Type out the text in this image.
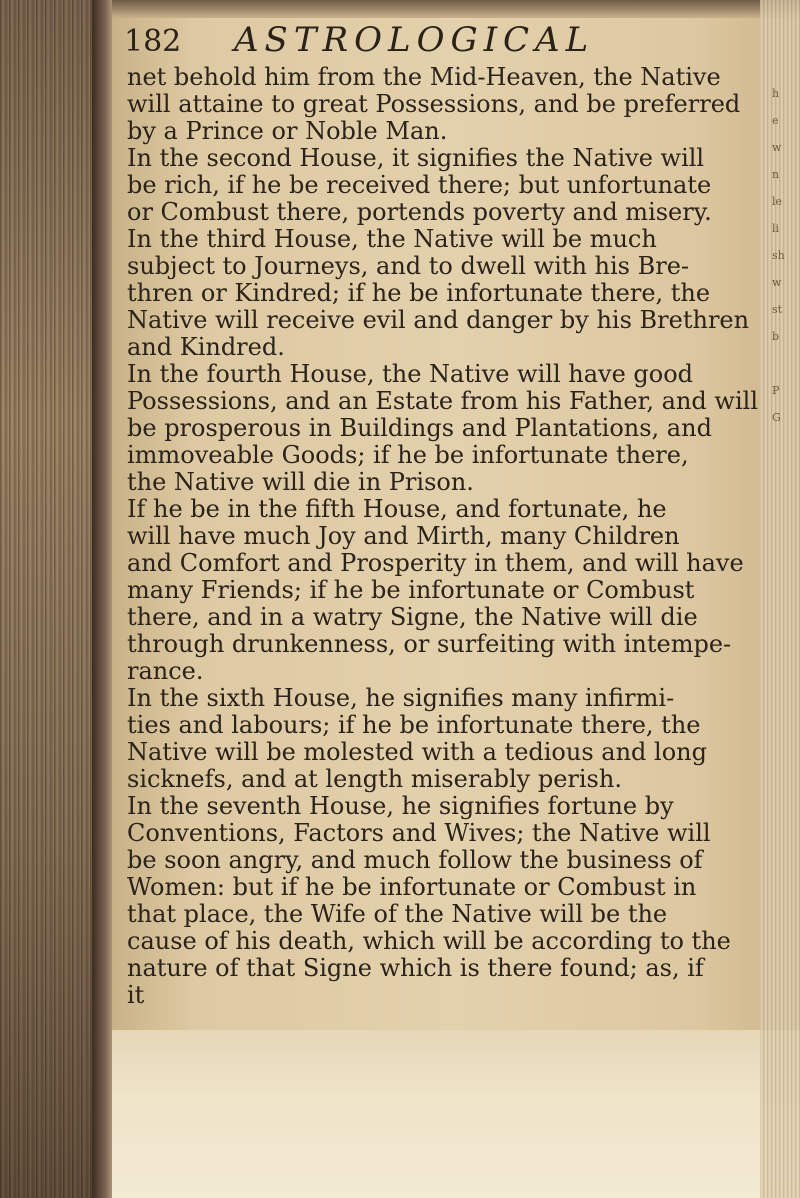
182	ASTROLOGICAL
net behold him from the Mid-Heaven, the Native
will attaine to great Possessions, and be preferred
by a Prince or Noble Man.
In the second House, it signifies the Native will
be rich, if he be received there; but unfortunate
or Combust there, portends poverty and misery.
In the third House, the Native will be much
subject to Journeys, and to dwell with his Bre-
thren or Kindred; if he be infortunate there, the
Native will receive evil and danger by his Brethren
and Kindred.
In the fourth House, the Native will have good
Possessions, and an Estate from his Father, and will
be prosperous in Buildings and Plantations, and
immoveable Goods; if he be infortunate there,
the Native will die in Prison.
If he be in the fifth House, and fortunate, he
will have much Joy and Mirth, many Children
and Comfort and Prosperity in them, and will have
many Friends; if he be infortunate or Combust
there, and in a watry Signe, the Native will die
through drunkenness, or surfeiting with intempe-
rance.
In the sixth House, he signifies many infirmi-
ties and labours; if he be infortunate there, the
Native will be molested with a tedious and long
sicknefs, and at length miserably perish.
In the seventh House, he signifies fortune by
Conventions, Factors and Wives; the Native will
be soon angry, and much follow the business of
Women: but if he be infortunate or Combust in
that place, the Wife of the Native will be the
cause of his death, which will be according to the
nature of that Signe which is there found; as, if
it
h
e
w
n
le
li
sh
w
st
b
P
G
